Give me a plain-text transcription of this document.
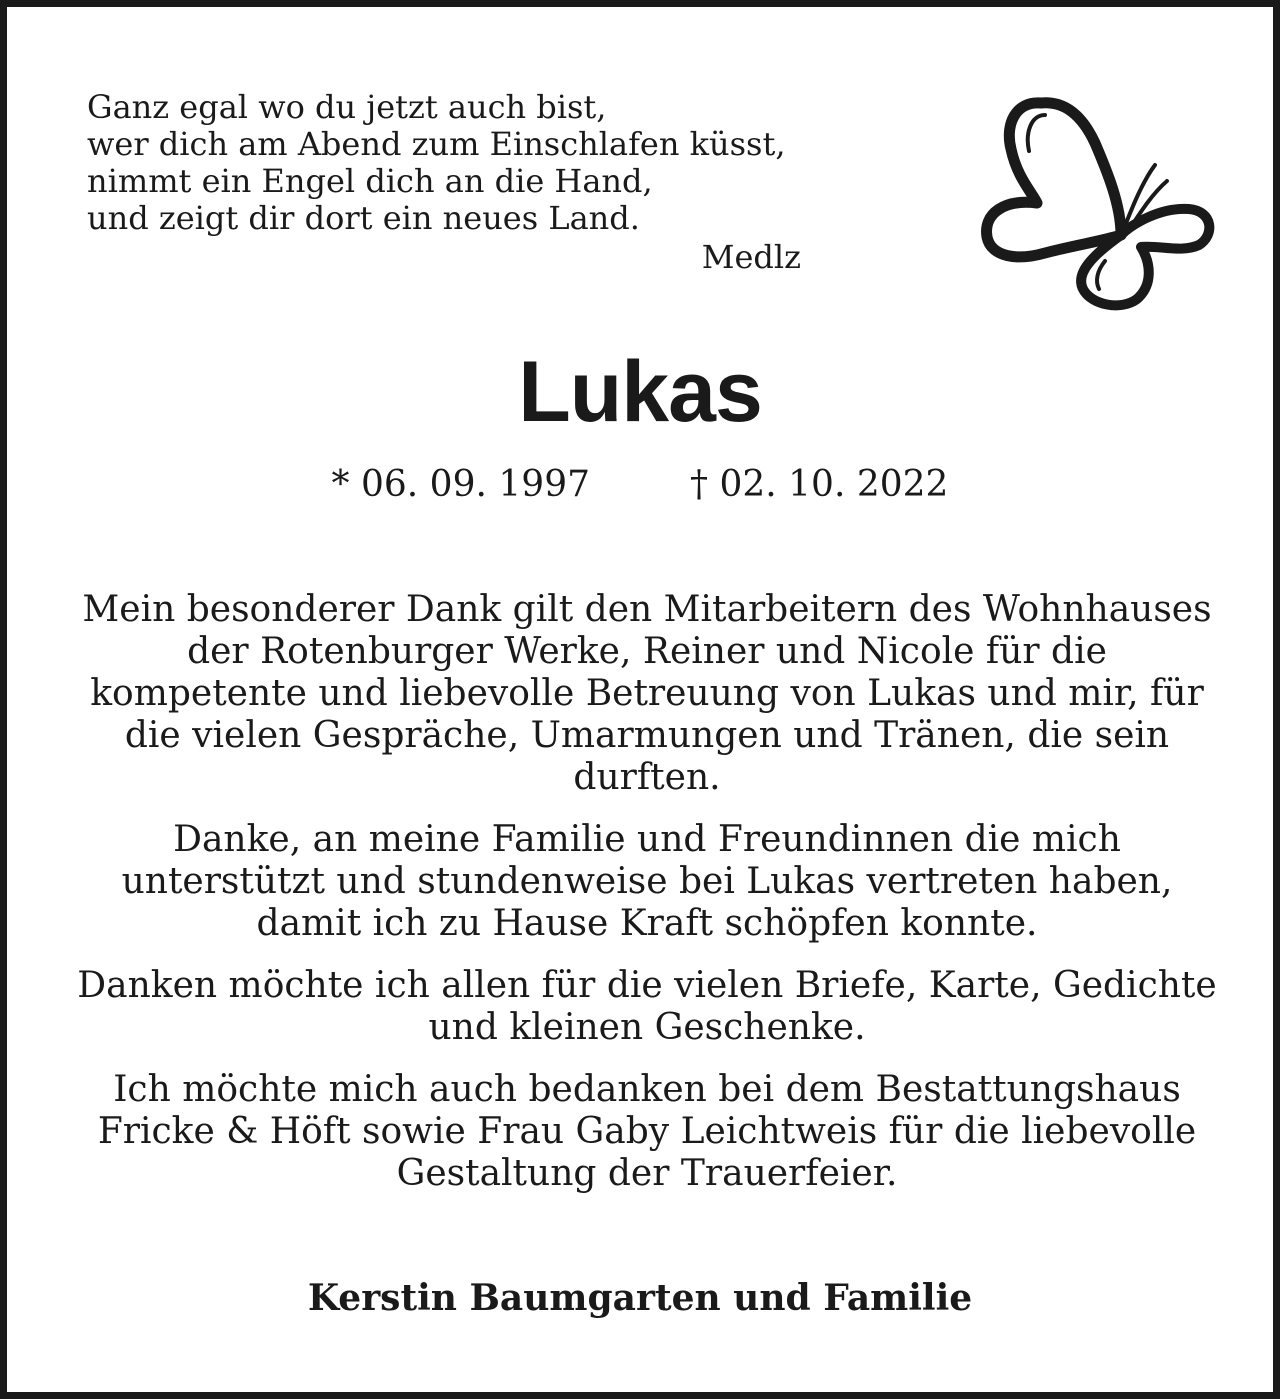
Ganz egal wo du jetzt auch bist,
wer dich am Abend zum Einschlafen küsst,
nimmt ein Engel dich an die Hand,
und zeigt dir dort ein neues Land.
Medlz
Lukas
* 06. 09. 1997	† 02. 10. 2022

Mein besonderer Dank gilt den Mitarbeitern des Wohnhauses der Rotenburger Werke, Reiner und Nicole für die kompetente und liebevolle Betreuung von Lukas und mir, für die vielen Gespräche, Umarmungen und Tränen, die sein durften.

Danke, an meine Familie und Freundinnen die mich unterstützt und stundenweise bei Lukas vertreten haben, damit ich zu Hause Kraft schöpfen konnte.

Danken möchte ich allen für die vielen Briefe, Karte, Gedichte und kleinen Geschenke.

Ich möchte mich auch bedanken bei dem Bestattungshaus Fricke & Höft sowie Frau Gaby Leichtweis für die liebevolle Gestaltung der Trauerfeier.

Kerstin Baumgarten und Familie
